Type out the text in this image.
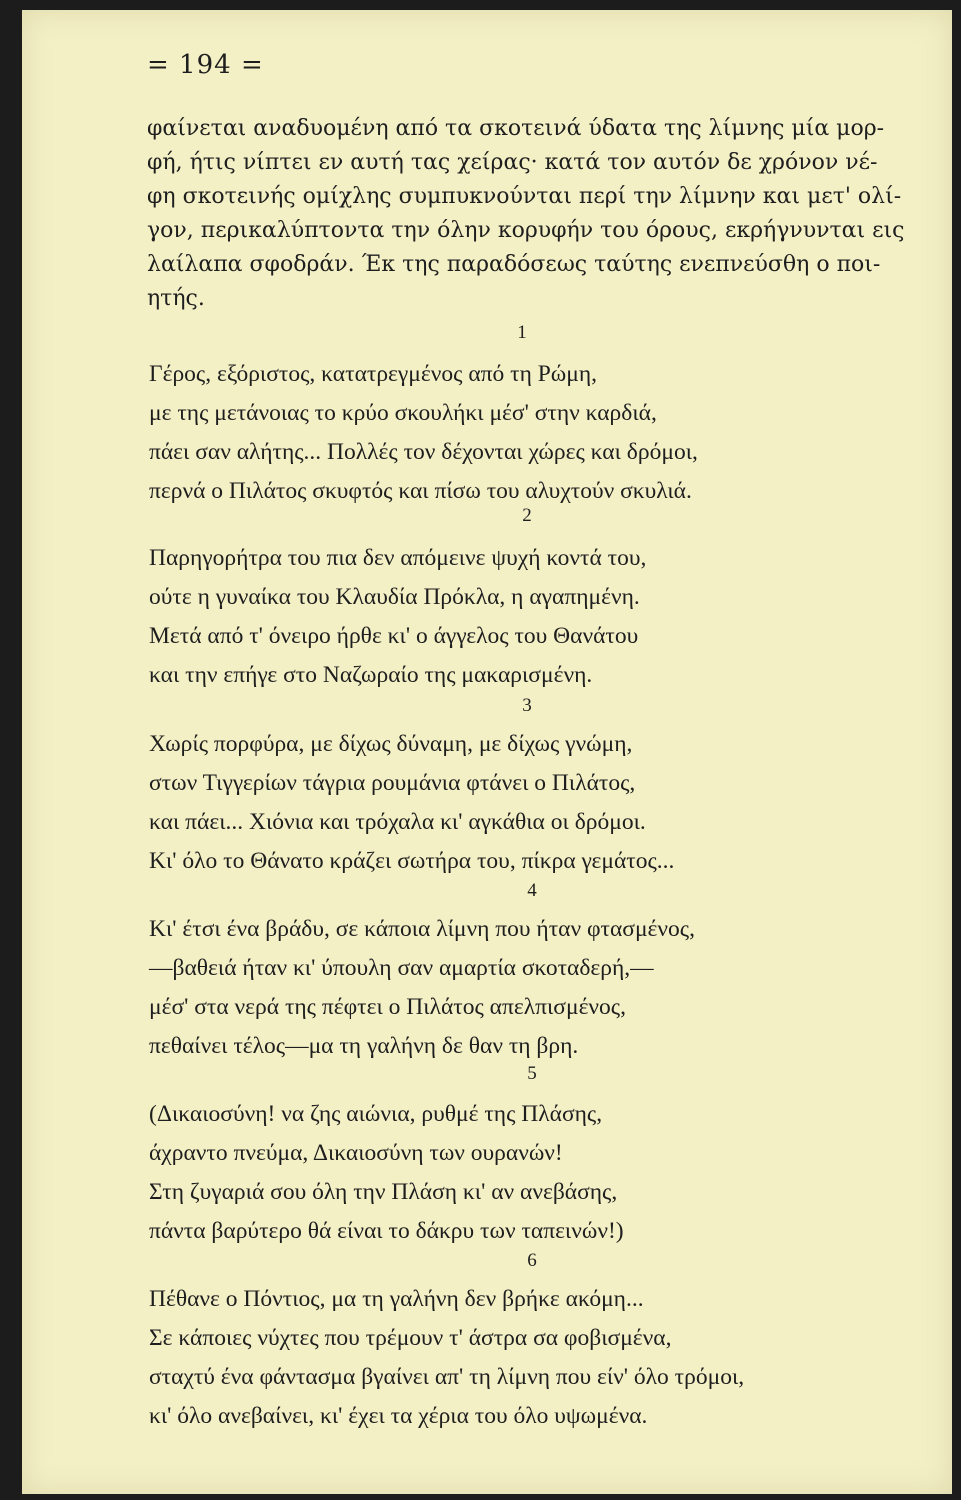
= 194 =
φαίνεται αναδυομένη από τα σκοτεινά ύδατα της λίμνης μία μορ-
φή, ήτις νίπτει εν αυτή τας χείρας· κατά τον αυτόν δε χρόνον νέ-
φη σκοτεινής ομίχλης συμπυκνούνται περί την λίμνην και μετ' ολί-
γον, περικαλύπτοντα την όλην κορυφήν του όρους, εκρήγνυνται εις
λαίλαπα σφοδράν. Έκ της παραδόσεως ταύτης ενεπνεύσθη ο ποι-
ητής.
1
Γέρος, εξόριστος, κατατρεγμένος από τη Ρώμη,
με της μετάνοιας το κρύο σκουλήκι μέσ' στην καρδιά,
πάει σαν αλήτης... Πολλές τον δέχονται χώρες και δρόμοι,
περνά ο Πιλάτος σκυφτός και πίσω του αλυχτούν σκυλιά.
2
Παρηγορήτρα του πια δεν απόμεινε ψυχή κοντά του,
ούτε η γυναίκα του Κλαυδία Πρόκλα, η αγαπημένη.
Μετά από τ' όνειρο ήρθε κι' ο άγγελος του Θανάτου
και την επήγε στο Ναζωραίο της μακαρισμένη.
3
Χωρίς πορφύρα, με δίχως δύναμη, με δίχως γνώμη,
στων Τιγγερίων τάγρια ρουμάνια φτάνει ο Πιλάτος,
και πάει... Χιόνια και τρόχαλα κι' αγκάθια οι δρόμοι.
Κι' όλο το Θάνατο κράζει σωτήρα του, πίκρα γεμάτος...
4
Κι' έτσι ένα βράδυ, σε κάποια λίμνη που ήταν φτασμένος,
—βαθειά ήταν κι' ύπουλη σαν αμαρτία σκοταδερή,—
μέσ' στα νερά της πέφτει ο Πιλάτος απελπισμένος,
πεθαίνει τέλος—μα τη γαλήνη δε θαν τη βρη.
5
(Δικαιοσύνη! να ζης αιώνια, ρυθμέ της Πλάσης,
άχραντο πνεύμα, Δικαιοσύνη των ουρανών!
Στη ζυγαριά σου όλη την Πλάση κι' αν ανεβάσης,
πάντα βαρύτερο θά είναι το δάκρυ των ταπεινών!)
6
Πέθανε ο Πόντιος, μα τη γαλήνη δεν βρήκε ακόμη...
Σε κάποιες νύχτες που τρέμουν τ' άστρα σα φοβισμένα,
σταχτύ ένα φάντασμα βγαίνει απ' τη λίμνη που είν' όλο τρόμοι,
κι' όλο ανεβαίνει, κι' έχει τα χέρια του όλο υψωμένα.
